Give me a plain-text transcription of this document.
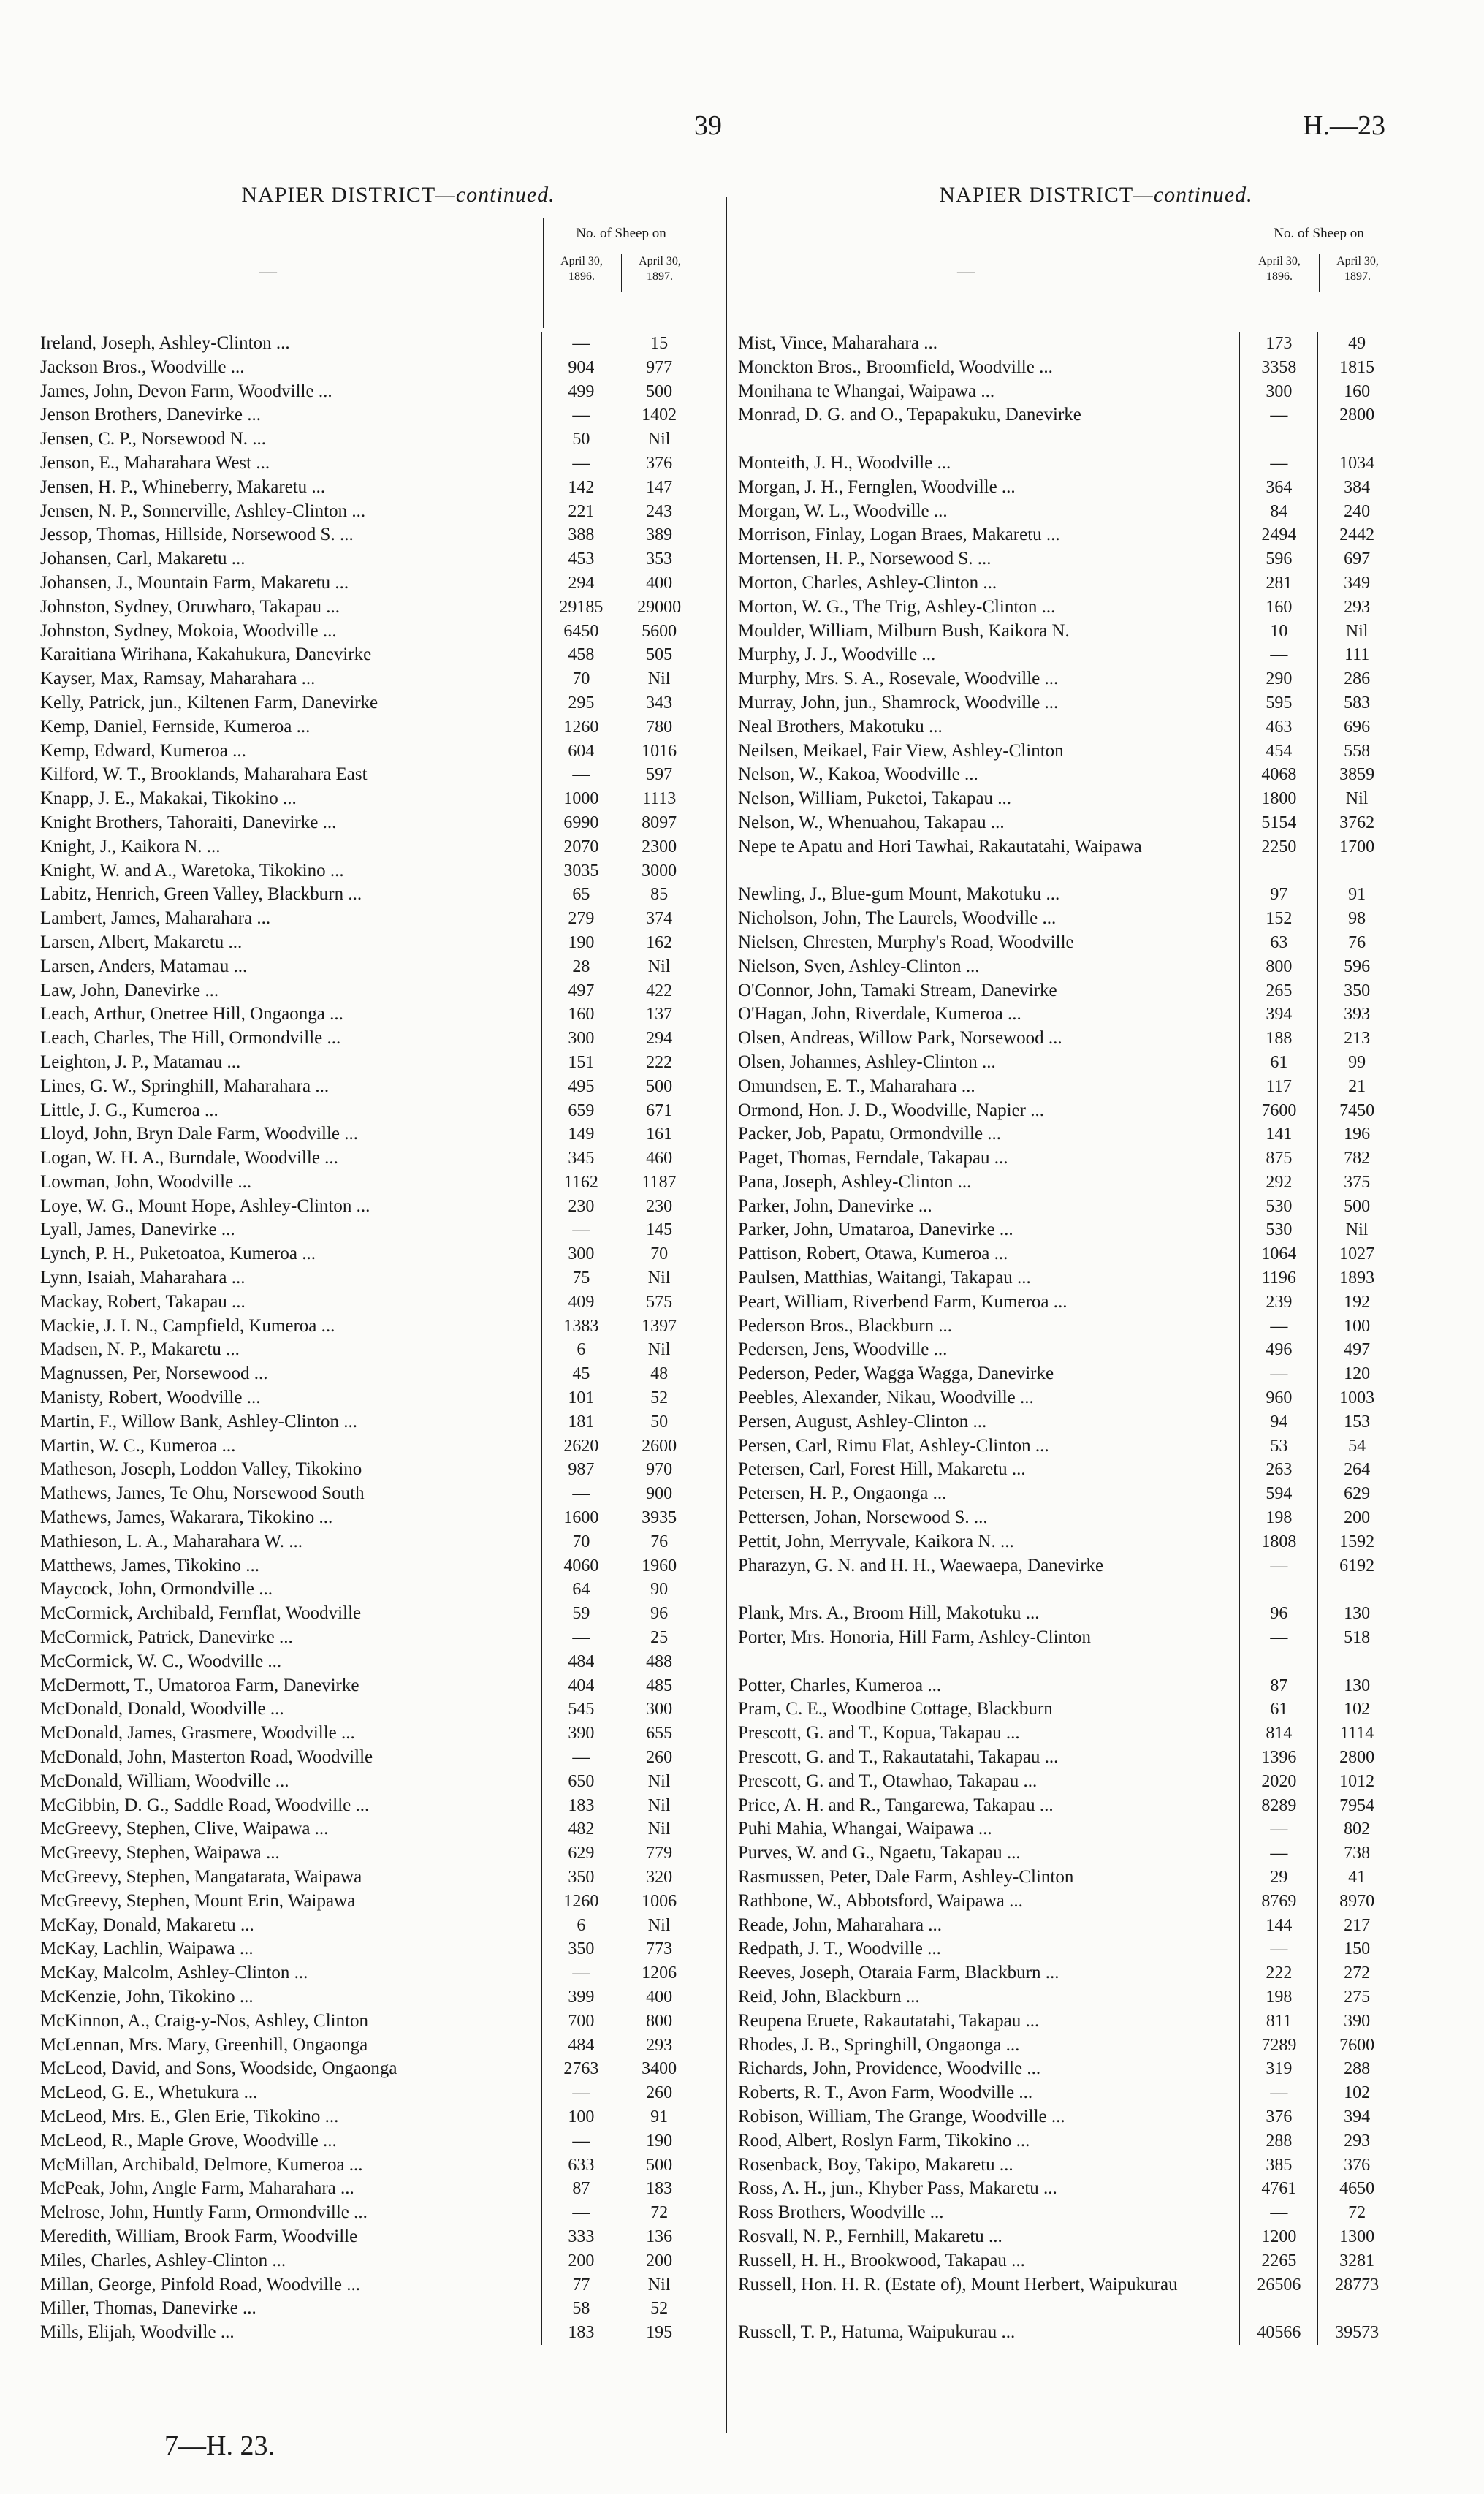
39	H.—23
NAPIER DISTRICT—continued.
—
No. of Sheep on
April 30,
1896.
April 30,
1897.
Ireland, Joseph, Ashley-Clinton ...	—	15
Jackson Bros., Woodville ...	904	977
James, John, Devon Farm, Woodville ...	499	500
Jenson Brothers, Danevirke ...	—	1402
Jensen, C. P., Norsewood N. ...	50	Nil
Jenson, E., Maharahara West ...	—	376
Jensen, H. P., Whineberry, Makaretu ...	142	147
Jensen, N. P., Sonnerville, Ashley-Clinton ...	221	243
Jessop, Thomas, Hillside, Norsewood S. ...	388	389
Johansen, Carl, Makaretu ...	453	353
Johansen, J., Mountain Farm, Makaretu ...	294	400
Johnston, Sydney, Oruwharo, Takapau ...	29185	29000
Johnston, Sydney, Mokoia, Woodville ...	6450	5600
Karaitiana Wirihana, Kakahukura, Danevirke	458	505
Kayser, Max, Ramsay, Maharahara ...	70	Nil
Kelly, Patrick, jun., Kiltenen Farm, Danevirke	295	343
Kemp, Daniel, Fernside, Kumeroa ...	1260	780
Kemp, Edward, Kumeroa ...	604	1016
Kilford, W. T., Brooklands, Maharahara East	—	597
Knapp, J. E., Makakai, Tikokino ...	1000	1113
Knight Brothers, Tahoraiti, Danevirke ...	6990	8097
Knight, J., Kaikora N. ...	2070	2300
Knight, W. and A., Waretoka, Tikokino ...	3035	3000
Labitz, Henrich, Green Valley, Blackburn ...	65	85
Lambert, James, Maharahara ...	279	374
Larsen, Albert, Makaretu ...	190	162
Larsen, Anders, Matamau ...	28	Nil
Law, John, Danevirke ...	497	422
Leach, Arthur, Onetree Hill, Ongaonga ...	160	137
Leach, Charles, The Hill, Ormondville ...	300	294
Leighton, J. P., Matamau ...	151	222
Lines, G. W., Springhill, Maharahara ...	495	500
Little, J. G., Kumeroa ...	659	671
Lloyd, John, Bryn Dale Farm, Woodville ...	149	161
Logan, W. H. A., Burndale, Woodville ...	345	460
Lowman, John, Woodville ...	1162	1187
Loye, W. G., Mount Hope, Ashley-Clinton ...	230	230
Lyall, James, Danevirke ...	—	145
Lynch, P. H., Puketoatoa, Kumeroa ...	300	70
Lynn, Isaiah, Maharahara ...	75	Nil
Mackay, Robert, Takapau ...	409	575
Mackie, J. I. N., Campfield, Kumeroa ...	1383	1397
Madsen, N. P., Makaretu ...	6	Nil
Magnussen, Per, Norsewood ...	45	48
Manisty, Robert, Woodville ...	101	52
Martin, F., Willow Bank, Ashley-Clinton ...	181	50
Martin, W. C., Kumeroa ...	2620	2600
Matheson, Joseph, Loddon Valley, Tikokino	987	970
Mathews, James, Te Ohu, Norsewood South	—	900
Mathews, James, Wakarara, Tikokino ...	1600	3935
Mathieson, L. A., Maharahara W. ...	70	76
Matthews, James, Tikokino ...	4060	1960
Maycock, John, Ormondville ...	64	90
McCormick, Archibald, Fernflat, Woodville	59	96
McCormick, Patrick, Danevirke ...	—	25
McCormick, W. C., Woodville ...	484	488
McDermott, T., Umatoroa Farm, Danevirke	404	485
McDonald, Donald, Woodville ...	545	300
McDonald, James, Grasmere, Woodville ...	390	655
McDonald, John, Masterton Road, Woodville	—	260
McDonald, William, Woodville ...	650	Nil
McGibbin, D. G., Saddle Road, Woodville ...	183	Nil
McGreevy, Stephen, Clive, Waipawa ...	482	Nil
McGreevy, Stephen, Waipawa ...	629	779
McGreevy, Stephen, Mangatarata, Waipawa	350	320
McGreevy, Stephen, Mount Erin, Waipawa	1260	1006
McKay, Donald, Makaretu ...	6	Nil
McKay, Lachlin, Waipawa ...	350	773
McKay, Malcolm, Ashley-Clinton ...	—	1206
McKenzie, John, Tikokino ...	399	400
McKinnon, A., Craig-y-Nos, Ashley, Clinton	700	800
McLennan, Mrs. Mary, Greenhill, Ongaonga	484	293
McLeod, David, and Sons, Woodside, Ongaonga	2763	3400
McLeod, G. E., Whetukura ...	—	260
McLeod, Mrs. E., Glen Erie, Tikokino ...	100	91
McLeod, R., Maple Grove, Woodville ...	—	190
McMillan, Archibald, Delmore, Kumeroa ...	633	500
McPeak, John, Angle Farm, Maharahara ...	87	183
Melrose, John, Huntly Farm, Ormondville ...	—	72
Meredith, William, Brook Farm, Woodville	333	136
Miles, Charles, Ashley-Clinton ...	200	200
Millan, George, Pinfold Road, Woodville ...	77	Nil
Miller, Thomas, Danevirke ...	58	52
Mills, Elijah, Woodville ...	183	195
NAPIER DISTRICT—continued.
—
No. of Sheep on
April 30,
1896.
April 30,
1897.
Mist, Vince, Maharahara ...	173	49
Monckton Bros., Broomfield, Woodville ...	3358	1815
Monihana te Whangai, Waipawa ...	300	160
Monrad, D. G. and O., Tepapakuku, Danevirke	—	2800
Monteith, J. H., Woodville ...	—	1034
Morgan, J. H., Fernglen, Woodville ...	364	384
Morgan, W. L., Woodville ...	84	240
Morrison, Finlay, Logan Braes, Makaretu ...	2494	2442
Mortensen, H. P., Norsewood S. ...	596	697
Morton, Charles, Ashley-Clinton ...	281	349
Morton, W. G., The Trig, Ashley-Clinton ...	160	293
Moulder, William, Milburn Bush, Kaikora N.	10	Nil
Murphy, J. J., Woodville ...	—	111
Murphy, Mrs. S. A., Rosevale, Woodville ...	290	286
Murray, John, jun., Shamrock, Woodville ...	595	583
Neal Brothers, Makotuku ...	463	696
Neilsen, Meikael, Fair View, Ashley-Clinton	454	558
Nelson, W., Kakoa, Woodville ...	4068	3859
Nelson, William, Puketoi, Takapau ...	1800	Nil
Nelson, W., Whenuahou, Takapau ...	5154	3762
Nepe te Apatu and Hori Tawhai, Rakautatahi, Waipawa	2250	1700
Newling, J., Blue-gum Mount, Makotuku ...	97	91
Nicholson, John, The Laurels, Woodville ...	152	98
Nielsen, Chresten, Murphy's Road, Woodville	63	76
Nielson, Sven, Ashley-Clinton ...	800	596
O'Connor, John, Tamaki Stream, Danevirke	265	350
O'Hagan, John, Riverdale, Kumeroa ...	394	393
Olsen, Andreas, Willow Park, Norsewood ...	188	213
Olsen, Johannes, Ashley-Clinton ...	61	99
Omundsen, E. T., Maharahara ...	117	21
Ormond, Hon. J. D., Woodville, Napier ...	7600	7450
Packer, Job, Papatu, Ormondville ...	141	196
Paget, Thomas, Ferndale, Takapau ...	875	782
Pana, Joseph, Ashley-Clinton ...	292	375
Parker, John, Danevirke ...	530	500
Parker, John, Umataroa, Danevirke ...	530	Nil
Pattison, Robert, Otawa, Kumeroa ...	1064	1027
Paulsen, Matthias, Waitangi, Takapau ...	1196	1893
Peart, William, Riverbend Farm, Kumeroa ...	239	192
Pederson Bros., Blackburn ...	—	100
Pedersen, Jens, Woodville ...	496	497
Pederson, Peder, Wagga Wagga, Danevirke	—	120
Peebles, Alexander, Nikau, Woodville ...	960	1003
Persen, August, Ashley-Clinton ...	94	153
Persen, Carl, Rimu Flat, Ashley-Clinton ...	53	54
Petersen, Carl, Forest Hill, Makaretu ...	263	264
Petersen, H. P., Ongaonga ...	594	629
Pettersen, Johan, Norsewood S. ...	198	200
Pettit, John, Merryvale, Kaikora N. ...	1808	1592
Pharazyn, G. N. and H. H., Waewaepa, Danevirke	—	6192
Plank, Mrs. A., Broom Hill, Makotuku ...	96	130
Porter, Mrs. Honoria, Hill Farm, Ashley-Clinton	—	518
Potter, Charles, Kumeroa ...	87	130
Pram, C. E., Woodbine Cottage, Blackburn	61	102
Prescott, G. and T., Kopua, Takapau ...	814	1114
Prescott, G. and T., Rakautatahi, Takapau ...	1396	2800
Prescott, G. and T., Otawhao, Takapau ...	2020	1012
Price, A. H. and R., Tangarewa, Takapau ...	8289	7954
Puhi Mahia, Whangai, Waipawa ...	—	802
Purves, W. and G., Ngaetu, Takapau ...	—	738
Rasmussen, Peter, Dale Farm, Ashley-Clinton	29	41
Rathbone, W., Abbotsford, Waipawa ...	8769	8970
Reade, John, Maharahara ...	144	217
Redpath, J. T., Woodville ...	—	150
Reeves, Joseph, Otaraia Farm, Blackburn ...	222	272
Reid, John, Blackburn ...	198	275
Reupena Eruete, Rakautatahi, Takapau ...	811	390
Rhodes, J. B., Springhill, Ongaonga ...	7289	7600
Richards, John, Providence, Woodville ...	319	288
Roberts, R. T., Avon Farm, Woodville ...	—	102
Robison, William, The Grange, Woodville ...	376	394
Rood, Albert, Roslyn Farm, Tikokino ...	288	293
Rosenback, Boy, Takipo, Makaretu ...	385	376
Ross, A. H., jun., Khyber Pass, Makaretu ...	4761	4650
Ross Brothers, Woodville ...	—	72
Rosvall, N. P., Fernhill, Makaretu ...	1200	1300
Russell, H. H., Brookwood, Takapau ...	2265	3281
Russell, Hon. H. R. (Estate of), Mount Herbert, Waipukurau	26506	28773
Russell, T. P., Hatuma, Waipukurau ...	40566	39573
7—H. 23.
